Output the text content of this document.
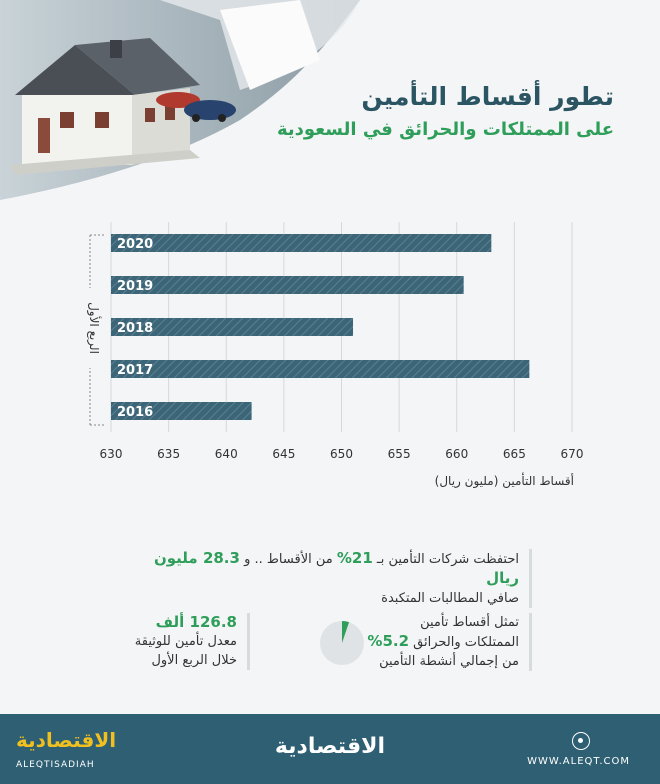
تطور أقساط التأمين
على الممتلكات والحرائق في السعودية
2020
2019
2018
2017
2016
630	635	640	645	650	655	660	665	670
الربع الأول
أقساط التأمين (مليون ريال)
احتفظت شركات التأمين بـ 21% من الأقساط .. و 28.3 مليون ريال
صافي المطالبات المتكبدة
تمثل أقساط تأمين
الممتلكات والحرائق 5.2%
من إجمالي أنشطة التأمين
126.8 ألف
معدل تأمين للوثيقة
خلال الربع الأول
الاقتصادية
ALEQTISADIAH
الاقتصادية
WWW.ALEQT.COM
